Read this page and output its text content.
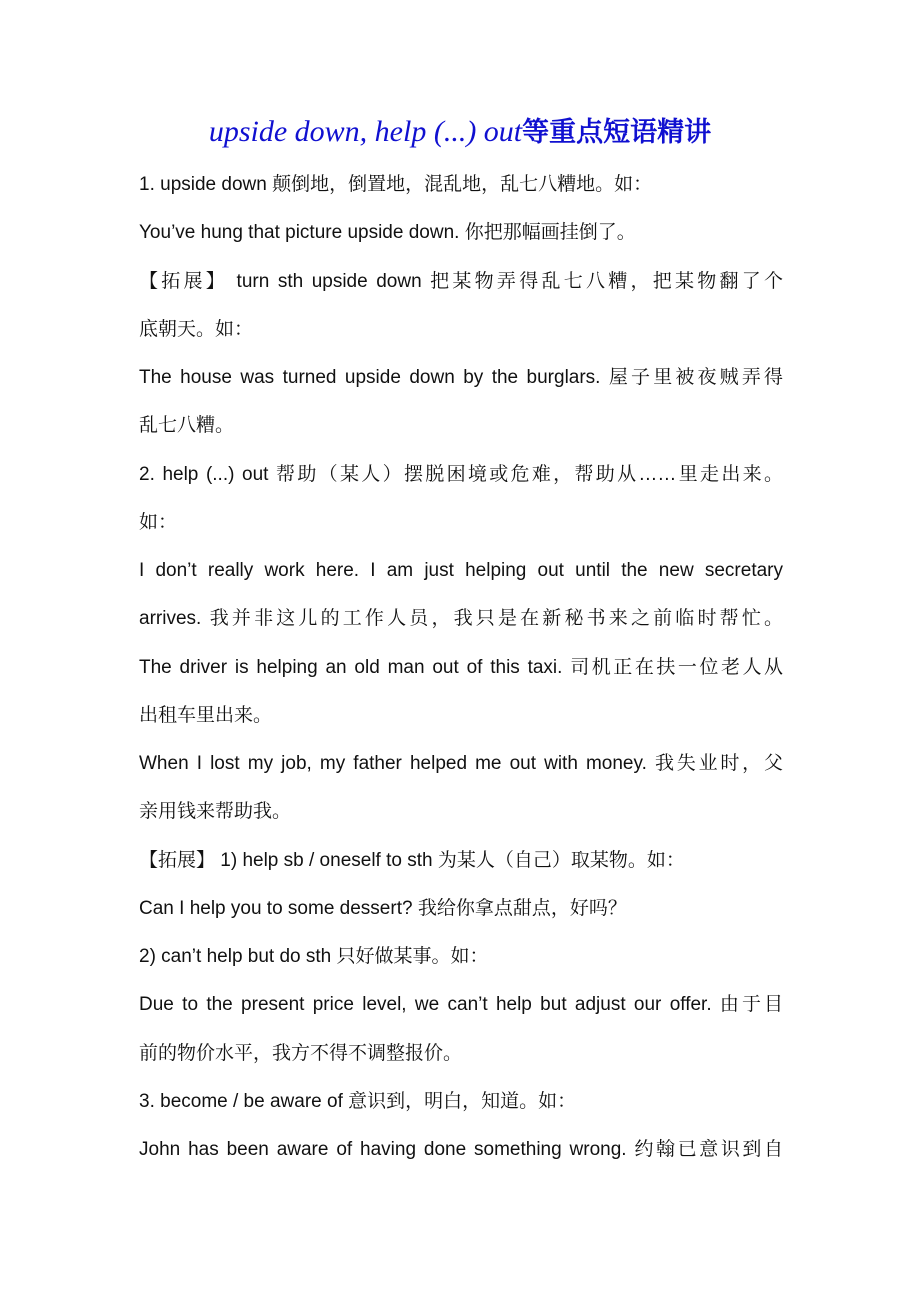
upside down, help (...) out等重点短语精讲
1. upside down 颠倒地，倒置地，混乱地，乱七八糟地。如：
You’ve hung that picture upside down. 你把那幅画挂倒了。
【拓展】 turn sth upside down 把某物弄得乱七八糟，把某物翻了个
底朝天。如：
The house was turned upside down by the burglars. 屋子里被夜贼弄得
乱七八糟。
2. help (...) out 帮助（某人）摆脱困境或危难，帮助从……里走出来。
如：
I don’t really work here. I am just helping out until the new secretary
arrives. 我并非这儿的工作人员，我只是在新秘书来之前临时帮忙。
The driver is helping an old man out of this taxi. 司机正在扶一位老人从
出租车里出来。
When I lost my job, my father helped me out with money. 我失业时，父
亲用钱来帮助我。
【拓展】 1) help sb / oneself to sth 为某人（自己）取某物。如：
Can I help you to some dessert? 我给你拿点甜点，好吗？
2) can’t help but do sth 只好做某事。如：
Due to the present price level, we can’t help but adjust our offer. 由于目
前的物价水平，我方不得不调整报价。
3. become / be aware of 意识到，明白，知道。如：
John has been aware of having done something wrong. 约翰已意识到自
